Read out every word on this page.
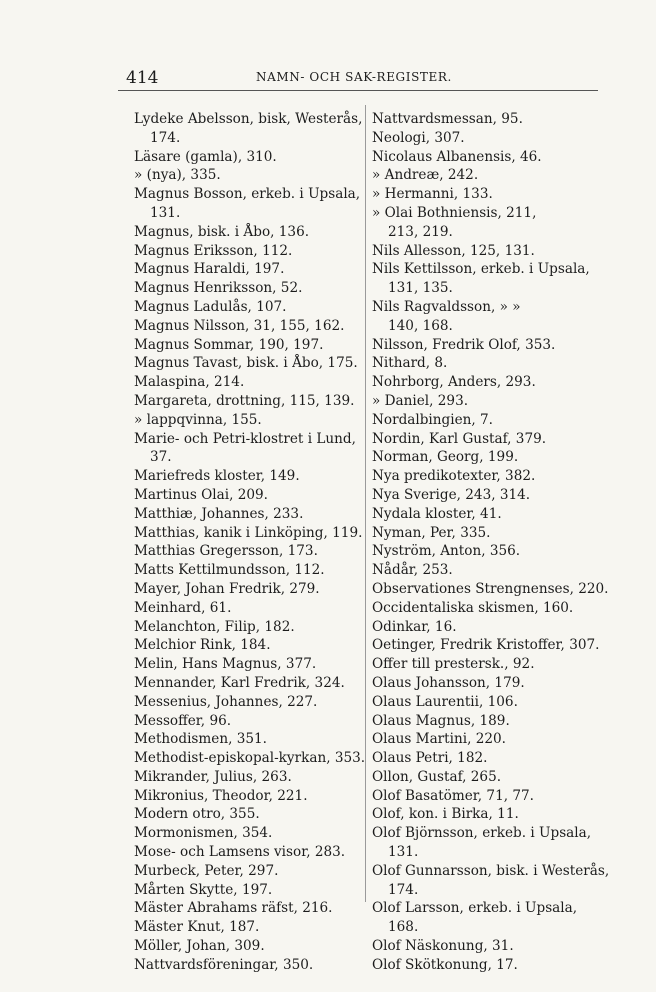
414	NAMN- OCH SAK-REGISTER.
Lydeke Abelsson, bisk, Westerås,
174.
Läsare (gamla), 310.
» (nya), 335.
Magnus Bosson, erkeb. i Upsala,
131.
Magnus, bisk. i Åbo, 136.
Magnus Eriksson, 112.
Magnus Haraldi, 197.
Magnus Henriksson, 52.
Magnus Ladulås, 107.
Magnus Nilsson, 31, 155, 162.
Magnus Sommar, 190, 197.
Magnus Tavast, bisk. i Åbo, 175.
Malaspina, 214.
Margareta, drottning, 115, 139.
» lappqvinna, 155.
Marie- och Petri-klostret i Lund,
37.
Mariefreds kloster, 149.
Martinus Olai, 209.
Matthiæ, Johannes, 233.
Matthias, kanik i Linköping, 119.
Matthias Gregersson, 173.
Matts Kettilmundsson, 112.
Mayer, Johan Fredrik, 279.
Meinhard, 61.
Melanchton, Filip, 182.
Melchior Rink, 184.
Melin, Hans Magnus, 377.
Mennander, Karl Fredrik, 324.
Messenius, Johannes, 227.
Messoffer, 96.
Methodismen, 351.
Methodist-episkopal-kyrkan, 353.
Mikrander, Julius, 263.
Mikronius, Theodor, 221.
Modern otro, 355.
Mormonismen, 354.
Mose- och Lamsens visor, 283.
Murbeck, Peter, 297.
Mårten Skytte, 197.
Mäster Abrahams räfst, 216.
Mäster Knut, 187.
Möller, Johan, 309.
Nattvardsföreningar, 350.
Nattvardsmessan, 95.
Neologi, 307.
Nicolaus Albanensis, 46.
» Andreæ, 242.
» Hermanni, 133.
» Olai Bothniensis, 211,
213, 219.
Nils Allesson, 125, 131.
Nils Kettilsson, erkeb. i Upsala,
131, 135.
Nils Ragvaldsson, » »
140, 168.
Nilsson, Fredrik Olof, 353.
Nithard, 8.
Nohrborg, Anders, 293.
» Daniel, 293.
Nordalbingien, 7.
Nordin, Karl Gustaf, 379.
Norman, Georg, 199.
Nya predikotexter, 382.
Nya Sverige, 243, 314.
Nydala kloster, 41.
Nyman, Per, 335.
Nyström, Anton, 356.
Nådår, 253.
Observationes Strengnenses, 220.
Occidentaliska skismen, 160.
Odinkar, 16.
Oetinger, Fredrik Kristoffer, 307.
Offer till prestersk., 92.
Olaus Johansson, 179.
Olaus Laurentii, 106.
Olaus Magnus, 189.
Olaus Martini, 220.
Olaus Petri, 182.
Ollon, Gustaf, 265.
Olof Basatömer, 71, 77.
Olof, kon. i Birka, 11.
Olof Björnsson, erkeb. i Upsala,
131.
Olof Gunnarsson, bisk. i Westerås,
174.
Olof Larsson, erkeb. i Upsala,
168.
Olof Näskonung, 31.
Olof Skötkonung, 17.
